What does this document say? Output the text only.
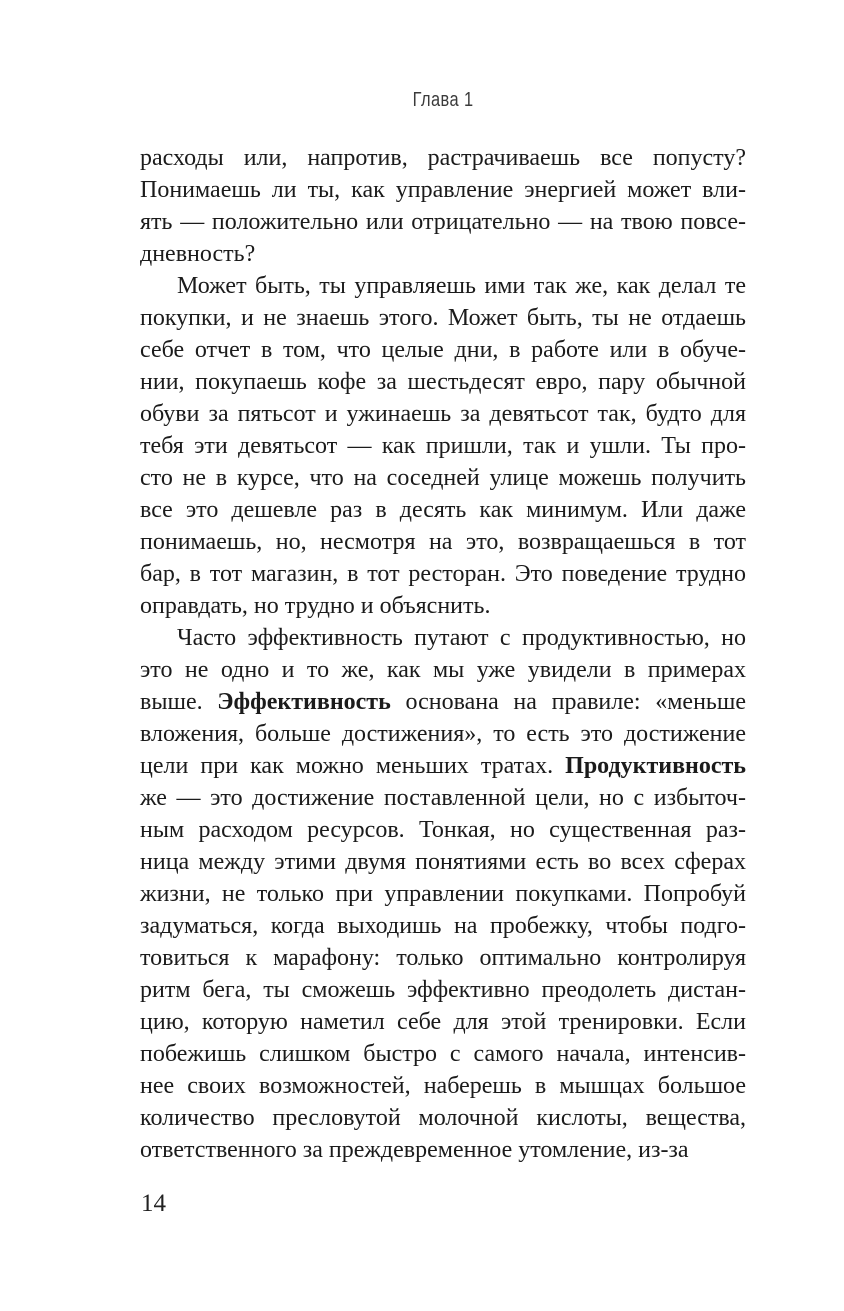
Глава 1
расходы или, напротив, растрачиваешь все попусту?
Понимаешь ли ты, как управление энергией может вли-
ять — положительно или отрицательно — на твою повсе-
дневность?
Может быть, ты управляешь ими так же, как делал те
покупки, и не знаешь этого. Может быть, ты не отдаешь
себе отчет в том, что целые дни, в работе или в обуче-
нии, покупаешь кофе за шестьдесят евро, пару обычной
обуви за пятьсот и ужинаешь за девятьсот так, будто для
тебя эти девятьсот — как пришли, так и ушли. Ты про-
сто не в курсе, что на соседней улице можешь получить
все это дешевле раз в десять как минимум. Или даже
понимаешь, но, несмотря на это, возвращаешься в тот
бар, в тот магазин, в тот ресторан. Это поведение трудно
оправдать, но трудно и объяснить.
Часто эффективность путают с продуктивностью, но
это не одно и то же, как мы уже увидели в примерах
выше. Эффективность основана на правиле: «меньше
вложения, больше достижения», то есть это достижение
цели при как можно меньших тратах. Продуктивность
же — это достижение поставленной цели, но с избыточ-
ным расходом ресурсов. Тонкая, но существенная раз-
ница между этими двумя понятиями есть во всех сферах
жизни, не только при управлении покупками. Попробуй
задуматься, когда выходишь на пробежку, чтобы подго-
товиться к марафону: только оптимально контролируя
ритм бега, ты сможешь эффективно преодолеть дистан-
цию, которую наметил себе для этой тренировки. Если
побежишь слишком быстро с самого начала, интенсив-
нее своих возможностей, наберешь в мышцах большое
количество пресловутой молочной кислоты, вещества,
ответственного за преждевременное утомление, из-за
14
